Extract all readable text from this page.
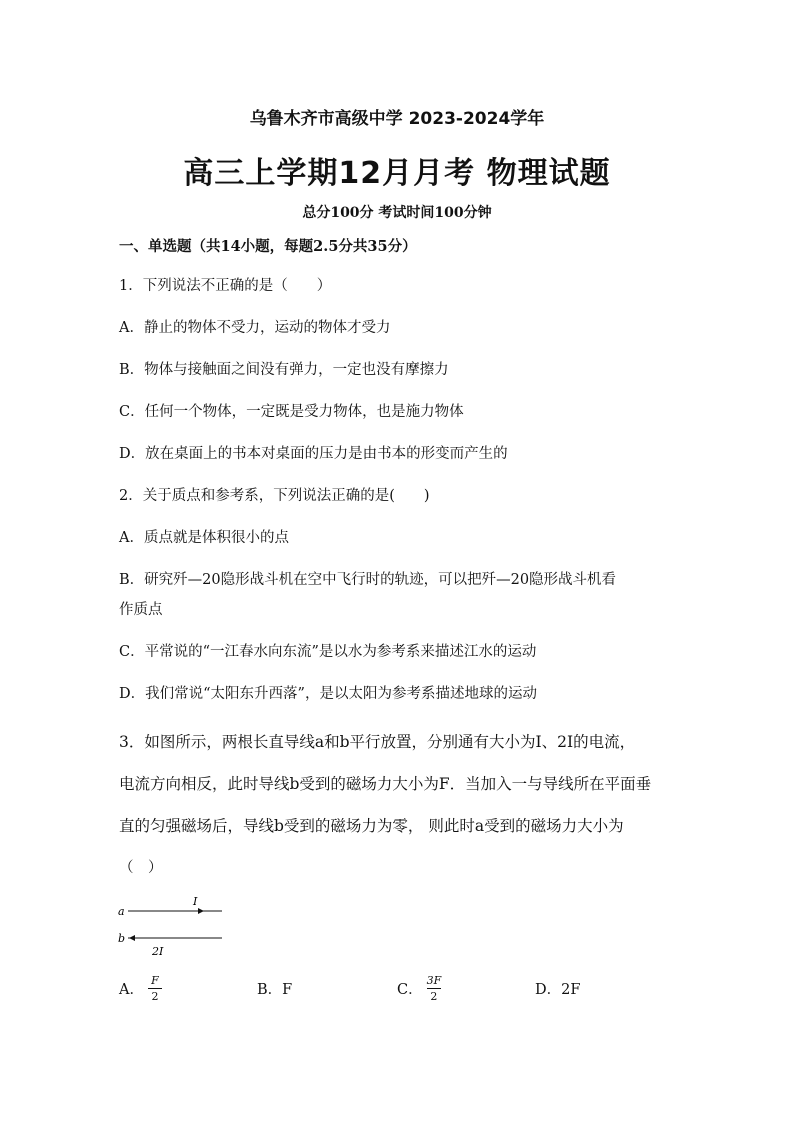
乌鲁木齐市高级中学 2023-2024学年
高三上学期12月月考 物理试题
总分100分 考试时间100分钟
一、单选题（共14小题，每题2.5分共35分）
1．下列说法不正确的是（　　）
A．静止的物体不受力，运动的物体才受力
B．物体与接触面之间没有弹力，一定也没有摩擦力
C．任何一个物体，一定既是受力物体，也是施力物体
D．放在桌面上的书本对桌面的压力是由书本的形变而产生的
2．关于质点和参考系，下列说法正确的是(　　)
A．质点就是体积很小的点
B．研究歼—20隐形战斗机在空中飞行时的轨迹，可以把歼—20隐形战斗机看
作质点
C．平常说的“一江春水向东流”是以水为参考系来描述江水的运动
D．我们常说“太阳东升西落”，是以太阳为参考系描述地球的运动
3．如图所示，两根长直导线a和b平行放置，分别通有大小为I、2I的电流，
电流方向相反，此时导线b受到的磁场力大小为F．当加入一与导线所在平面垂
直的匀强磁场后，导线b受到的磁场力为零， 则此时a受到的磁场力大小为
（　）
a
I
b
2I
A． $\frac{F}{2}$	B．F	C． $\frac{3F}{2}$	D．2F
